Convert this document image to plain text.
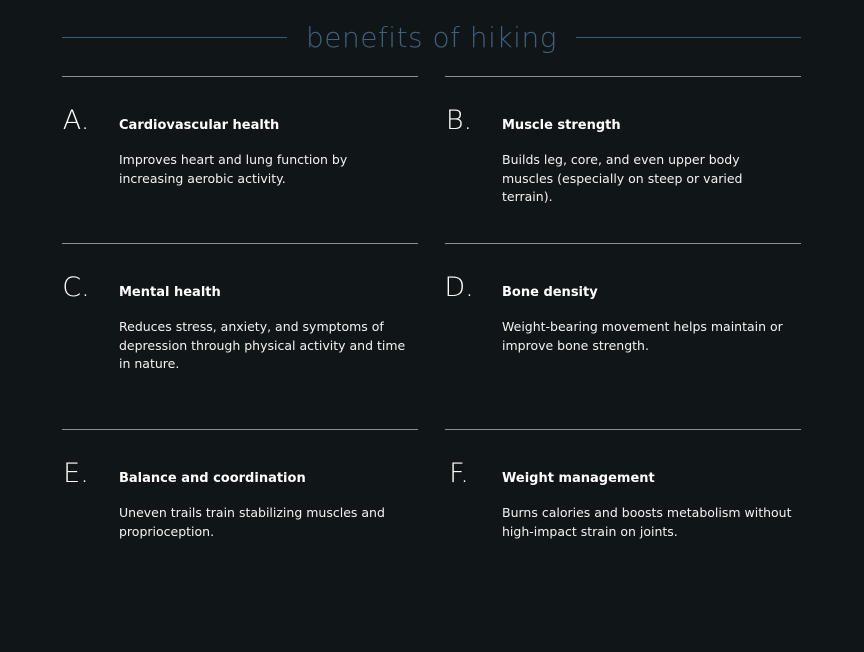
benefits of hiking
A.	Cardiovascular health
Improves heart and lung function by increasing aerobic activity.
B.	Muscle strength
Builds leg, core, and even upper body muscles (especially on steep or varied terrain).
C.	Mental health
Reduces stress, anxiety, and symptoms of depression through physical activity and time in nature.
D.	Bone density
Weight-bearing movement helps maintain or improve bone strength.
E.	Balance and coordination
Uneven trails train stabilizing muscles and proprioception.
F.	Weight management
Burns calories and boosts metabolism without high-impact strain on joints.
